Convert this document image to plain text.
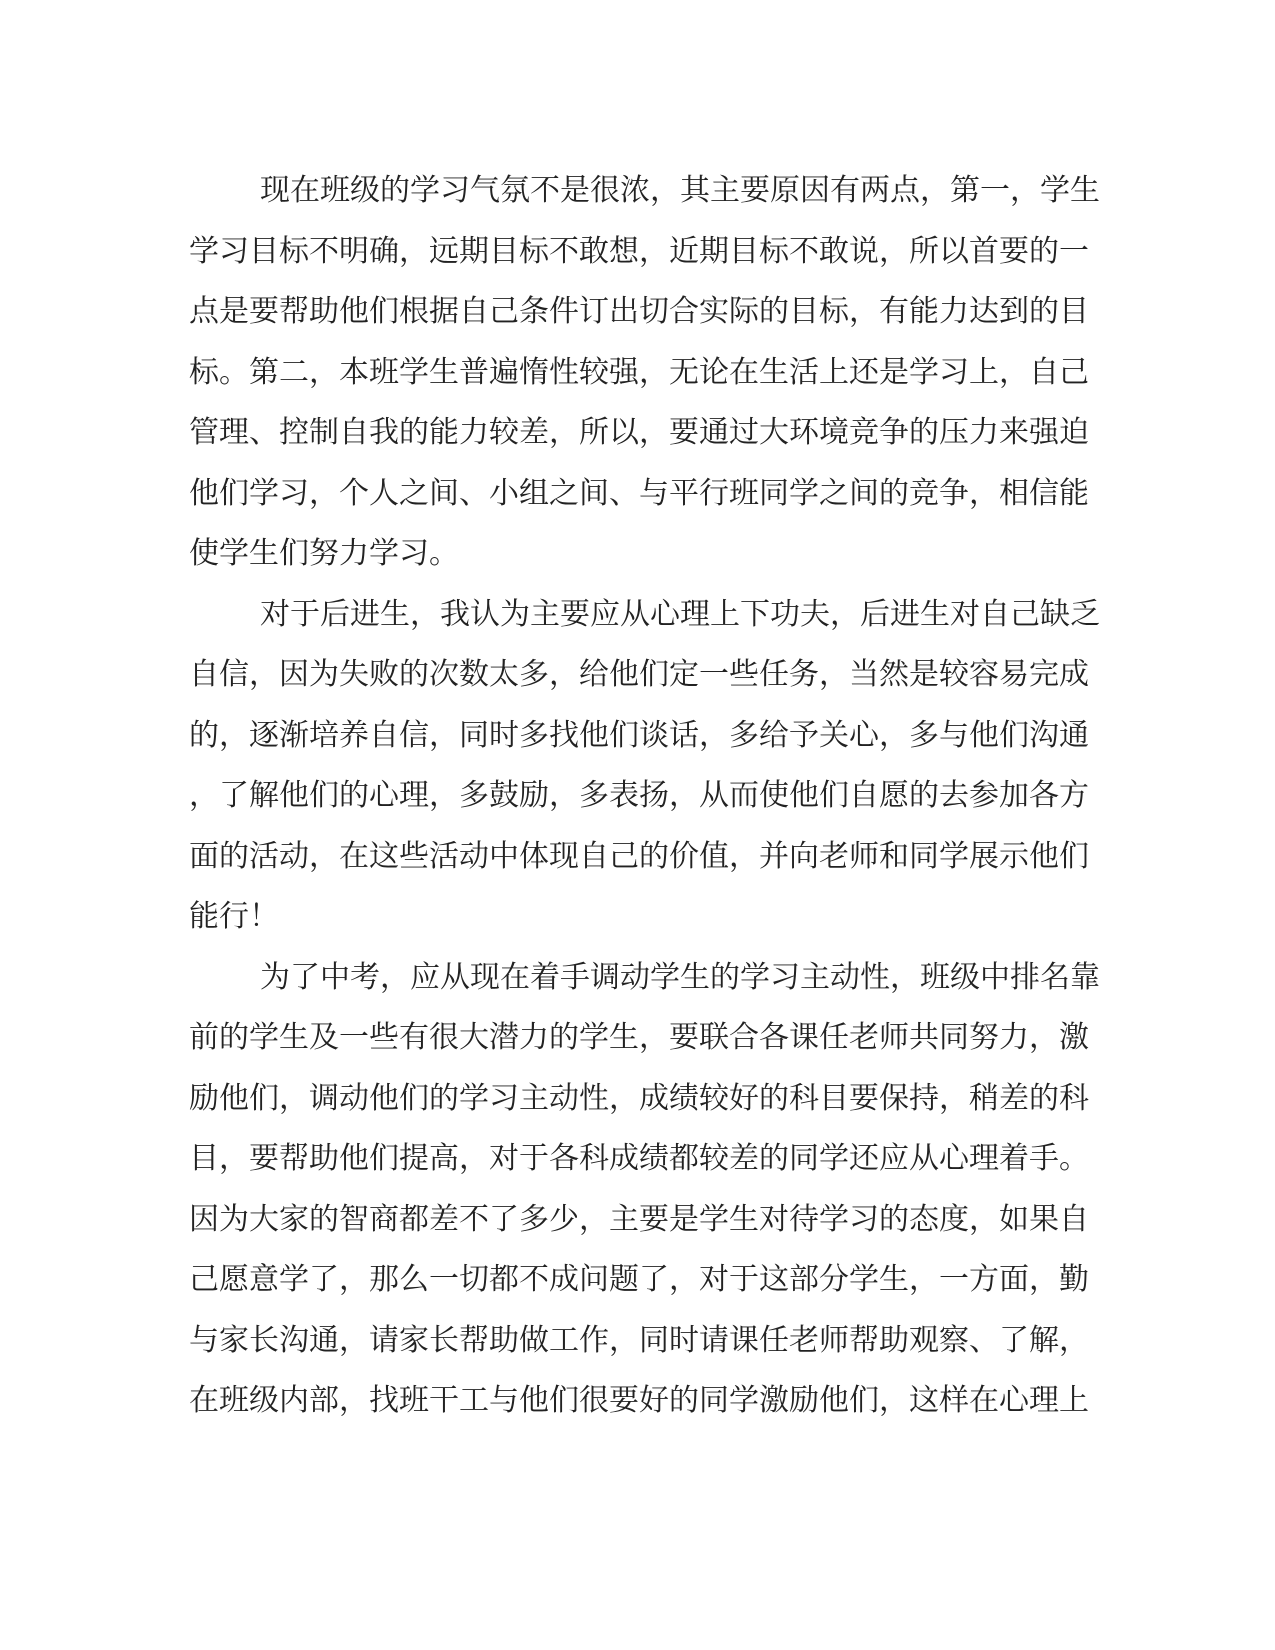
现在班级的学习气氛不是很浓，其主要原因有两点，第一，学生
学习目标不明确，远期目标不敢想，近期目标不敢说，所以首要的一
点是要帮助他们根据自己条件订出切合实际的目标，有能力达到的目
标。第二，本班学生普遍惰性较强，无论在生活上还是学习上，自己
管理、控制自我的能力较差，所以，要通过大环境竞争的压力来强迫
他们学习，个人之间、小组之间、与平行班同学之间的竞争，相信能
使学生们努力学习。
对于后进生，我认为主要应从心理上下功夫，后进生对自己缺乏
自信，因为失败的次数太多，给他们定一些任务，当然是较容易完成
的，逐渐培养自信，同时多找他们谈话，多给予关心，多与他们沟通
，了解他们的心理，多鼓励，多表扬，从而使他们自愿的去参加各方
面的活动，在这些活动中体现自己的价值，并向老师和同学展示他们
能行！
为了中考，应从现在着手调动学生的学习主动性，班级中排名靠
前的学生及一些有很大潜力的学生，要联合各课任老师共同努力，激
励他们，调动他们的学习主动性，成绩较好的科目要保持，稍差的科
目，要帮助他们提高，对于各科成绩都较差的同学还应从心理着手。
因为大家的智商都差不了多少，主要是学生对待学习的态度，如果自
己愿意学了，那么一切都不成问题了，对于这部分学生，一方面，勤
与家长沟通，请家长帮助做工作，同时请课任老师帮助观察、了解，
在班级内部，找班干工与他们很要好的同学激励他们，这样在心理上
